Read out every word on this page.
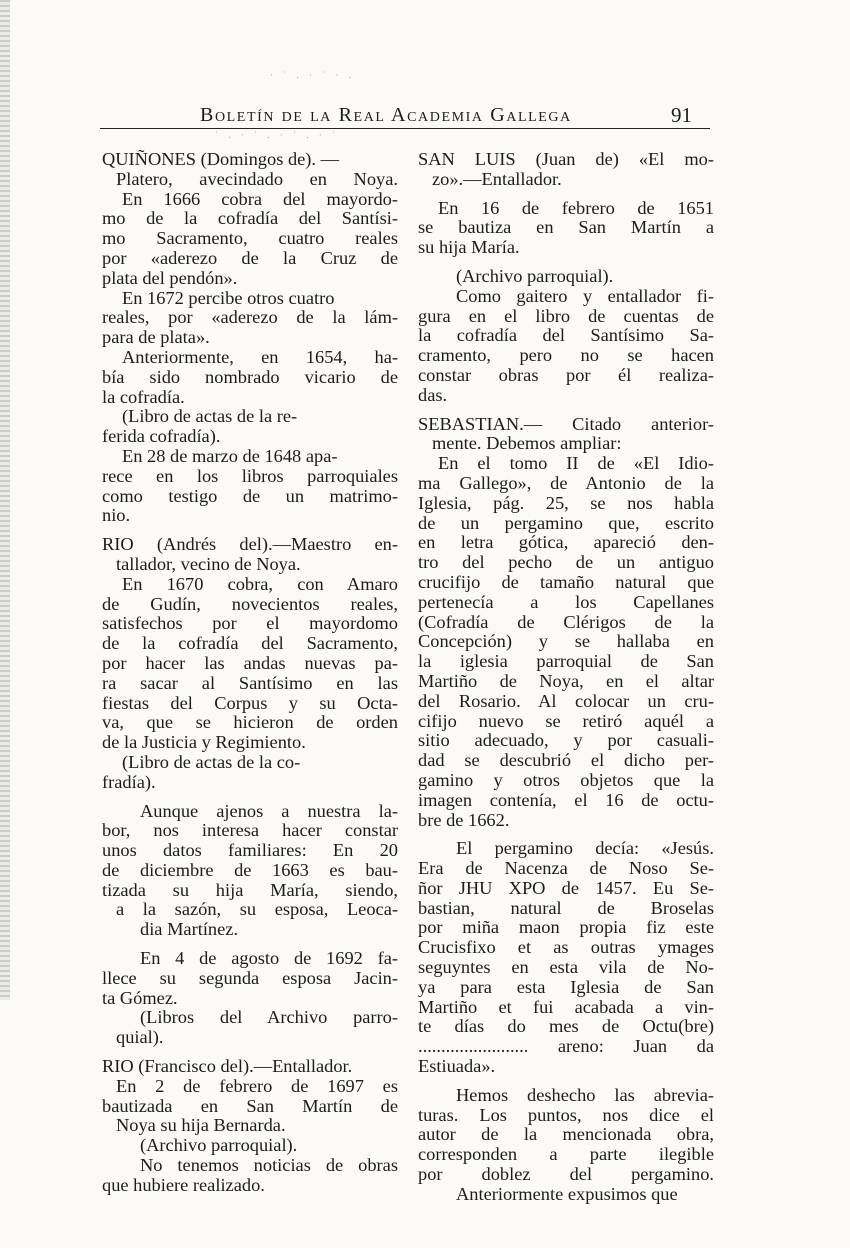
Boletín de la Real Academia Gallega	91
· ˙ . · ˙ · .
˙ . · ˙ . · ˙ . · ˙
QUIÑONES (Domingos de). —
Platero, avecindado en Noya.
En 1666 cobra del mayordo-
mo de la cofradía del Santísi-
mo Sacramento, cuatro reales
por «aderezo de la Cruz de
plata del pendón».
En 1672 percibe otros cuatro
reales, por «aderezo de la lám-
para de plata».
Anteriormente, en 1654, ha-
bía sido nombrado vicario de
la cofradía.
(Libro de actas de la re-
ferida cofradía).
En 28 de marzo de 1648 apa-
rece en los libros parroquiales
como testigo de un matrimo-
nio.
RIO (Andrés del).—Maestro en-
tallador, vecino de Noya.
En 1670 cobra, con Amaro
de Gudín, novecientos reales,
satisfechos por el mayordomo
de la cofradía del Sacramento,
por hacer las andas nuevas pa-
ra sacar al Santísimo en las
fiestas del Corpus y su Octa-
va, que se hicieron de orden
de la Justicia y Regimiento.
(Libro de actas de la co-
fradía).
Aunque ajenos a nuestra la-
bor, nos interesa hacer constar
unos datos familiares: En 20
de diciembre de 1663 es bau-
tizada su hija María, siendo,
a la sazón, su esposa, Leoca-
dia Martínez.
En 4 de agosto de 1692 fa-
llece su segunda esposa Jacin-
ta Gómez.
(Libros del Archivo parro-
quial).
RIO (Francisco del).—Entallador.
En 2 de febrero de 1697 es
bautizada en San Martín de
Noya su hija Bernarda.
(Archivo parroquial).
No tenemos noticias de obras
que hubiere realizado.
SAN LUIS (Juan de) «El mo-
zo».—Entallador.
En 16 de febrero de 1651
se bautiza en San Martín a
su hija María.
(Archivo parroquial).
Como gaitero y entallador fi-
gura en el libro de cuentas de
la cofradía del Santísimo Sa-
cramento, pero no se hacen
constar obras por él realiza-
das.
SEBASTIAN.— Citado anterior-
mente. Debemos ampliar:
En el tomo II de «El Idio-
ma Gallego», de Antonio de la
Iglesia, pág. 25, se nos habla
de un pergamino que, escrito
en letra gótica, apareció den-
tro del pecho de un antiguo
crucifijo de tamaño natural que
pertenecía a los Capellanes
(Cofradía de Clérigos de la
Concepción) y se hallaba en
la iglesia parroquial de San
Martiño de Noya, en el altar
del Rosario. Al colocar un cru-
cifijo nuevo se retiró aquél a
sitio adecuado, y por casuali-
dad se descubrió el dicho per-
gamino y otros objetos que la
imagen contenía, el 16 de octu-
bre de 1662.
El pergamino decía: «Jesús.
Era de Nacenza de Noso Se-
ñor JHU XPO de 1457. Eu Se-
bastian, natural de Broselas
por miña maon propia fiz este
Crucisfixo et as outras ymages
seguyntes en esta vila de No-
ya para esta Iglesia de San
Martiño et fui acabada a vin-
te días do mes de Octu(bre)
........................ areno: Juan da
Estiuada».
Hemos deshecho las abrevia-
turas. Los puntos, nos dice el
autor de la mencionada obra,
corresponden a parte ilegible
por doblez del pergamino.
Anteriormente expusimos que
